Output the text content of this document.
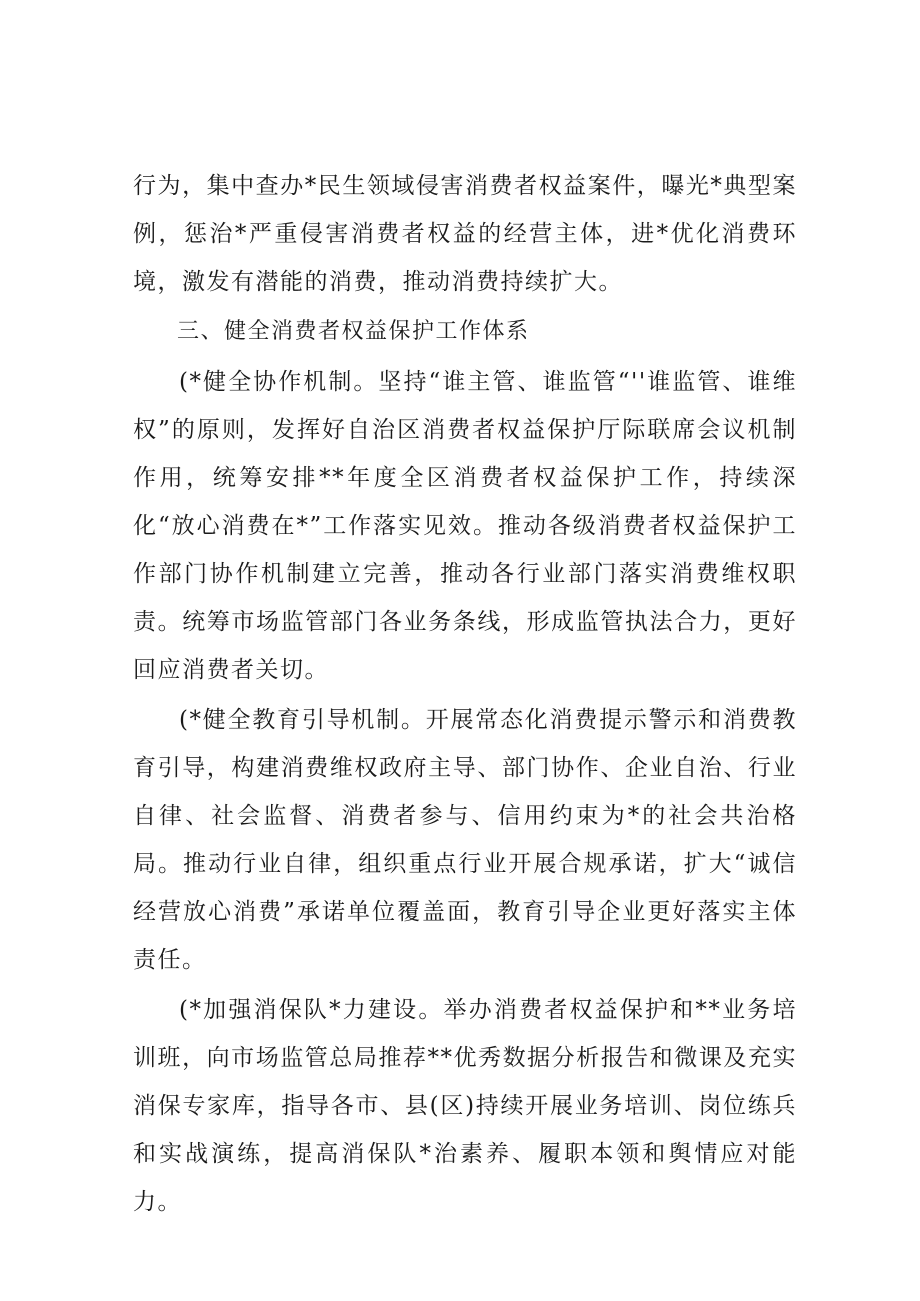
行为，集中查办*民生领域侵害消费者权益案件，曝光*典型案例，惩治*严重侵害消费者权益的经营主体，进*优化消费环境，激发有潜能的消费，推动消费持续扩大。

三、健全消费者权益保护工作体系

(*健全协作机制。坚持“谁主管、谁监管“''谁监管、谁维权”的原则，发挥好自治区消费者权益保护厅际联席会议机制作用，统筹安排**年度全区消费者权益保护工作，持续深化“放心消费在*”工作落实见效。推动各级消费者权益保护工作部门协作机制建立完善，推动各行业部门落实消费维权职责。统筹市场监管部门各业务条线，形成监管执法合力，更好回应消费者关切。

(*健全教育引导机制。开展常态化消费提示警示和消费教育引导，构建消费维权政府主导、部门协作、企业自治、行业自律、社会监督、消费者参与、信用约束为*的社会共治格局。推动行业自律，组织重点行业开展合规承诺，扩大“诚信经营放心消费”承诺单位覆盖面，教育引导企业更好落实主体责任。

(*加强消保队*力建设。举办消费者权益保护和**业务培训班，向市场监管总局推荐**优秀数据分析报告和微课及充实消保专家库，指导各市、县(区)持续开展业务培训、岗位练兵和实战演练，提高消保队*治素养、履职本领和舆情应对能力。
